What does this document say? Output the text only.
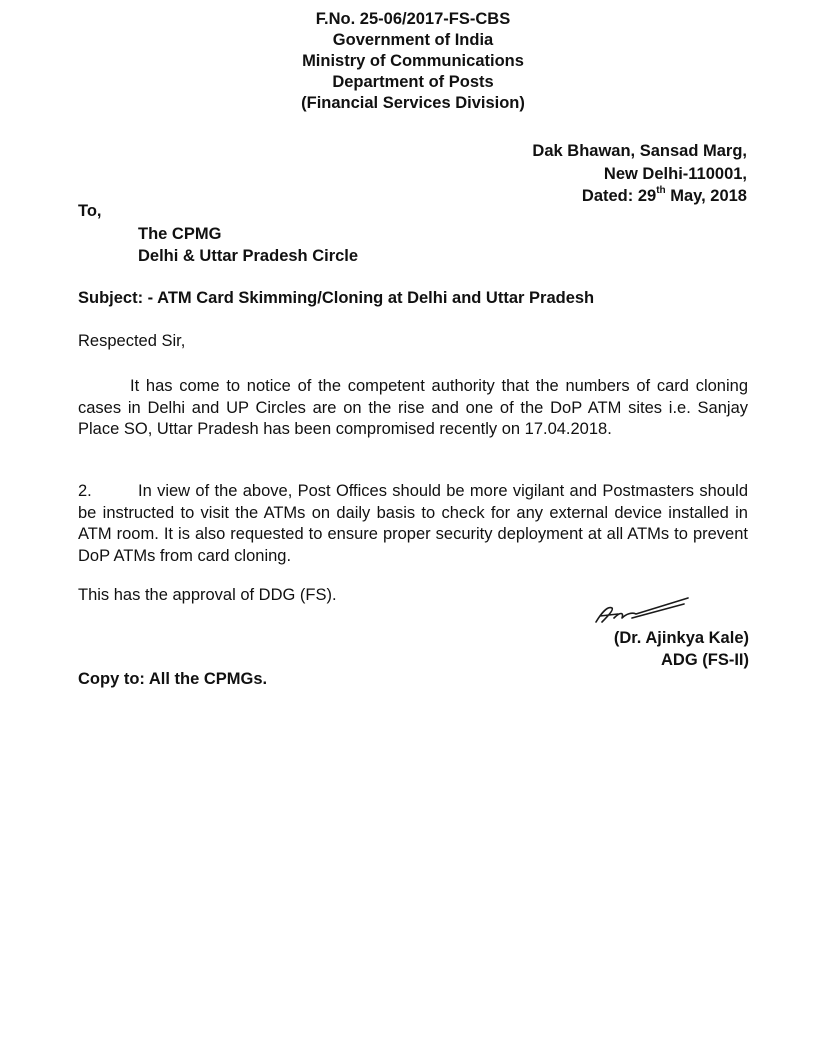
F.No. 25-06/2017-FS-CBS
Government of India
Ministry of Communications
Department of Posts
(Financial Services Division)
Dak Bhawan, Sansad Marg,
New Delhi-110001,
Dated: 29th May, 2018
To,
The CPMG
Delhi & Uttar Pradesh Circle
Subject: - ATM Card Skimming/Cloning at Delhi and Uttar Pradesh
Respected Sir,
It has come to notice of the competent authority that the numbers of card cloning cases in Delhi and UP Circles are on the rise and one of the DoP ATM sites i.e. Sanjay Place SO, Uttar Pradesh has been compromised recently on 17.04.2018.
2.	In view of the above, Post Offices should be more vigilant and Postmasters should be instructed to visit the ATMs on daily basis to check for any external device installed in ATM room. It is also requested to ensure proper security deployment at all ATMs to prevent DoP ATMs from card cloning.
This has the approval of DDG (FS).
(Dr. Ajinkya Kale)
ADG (FS-II)
Copy to: All the CPMGs.
